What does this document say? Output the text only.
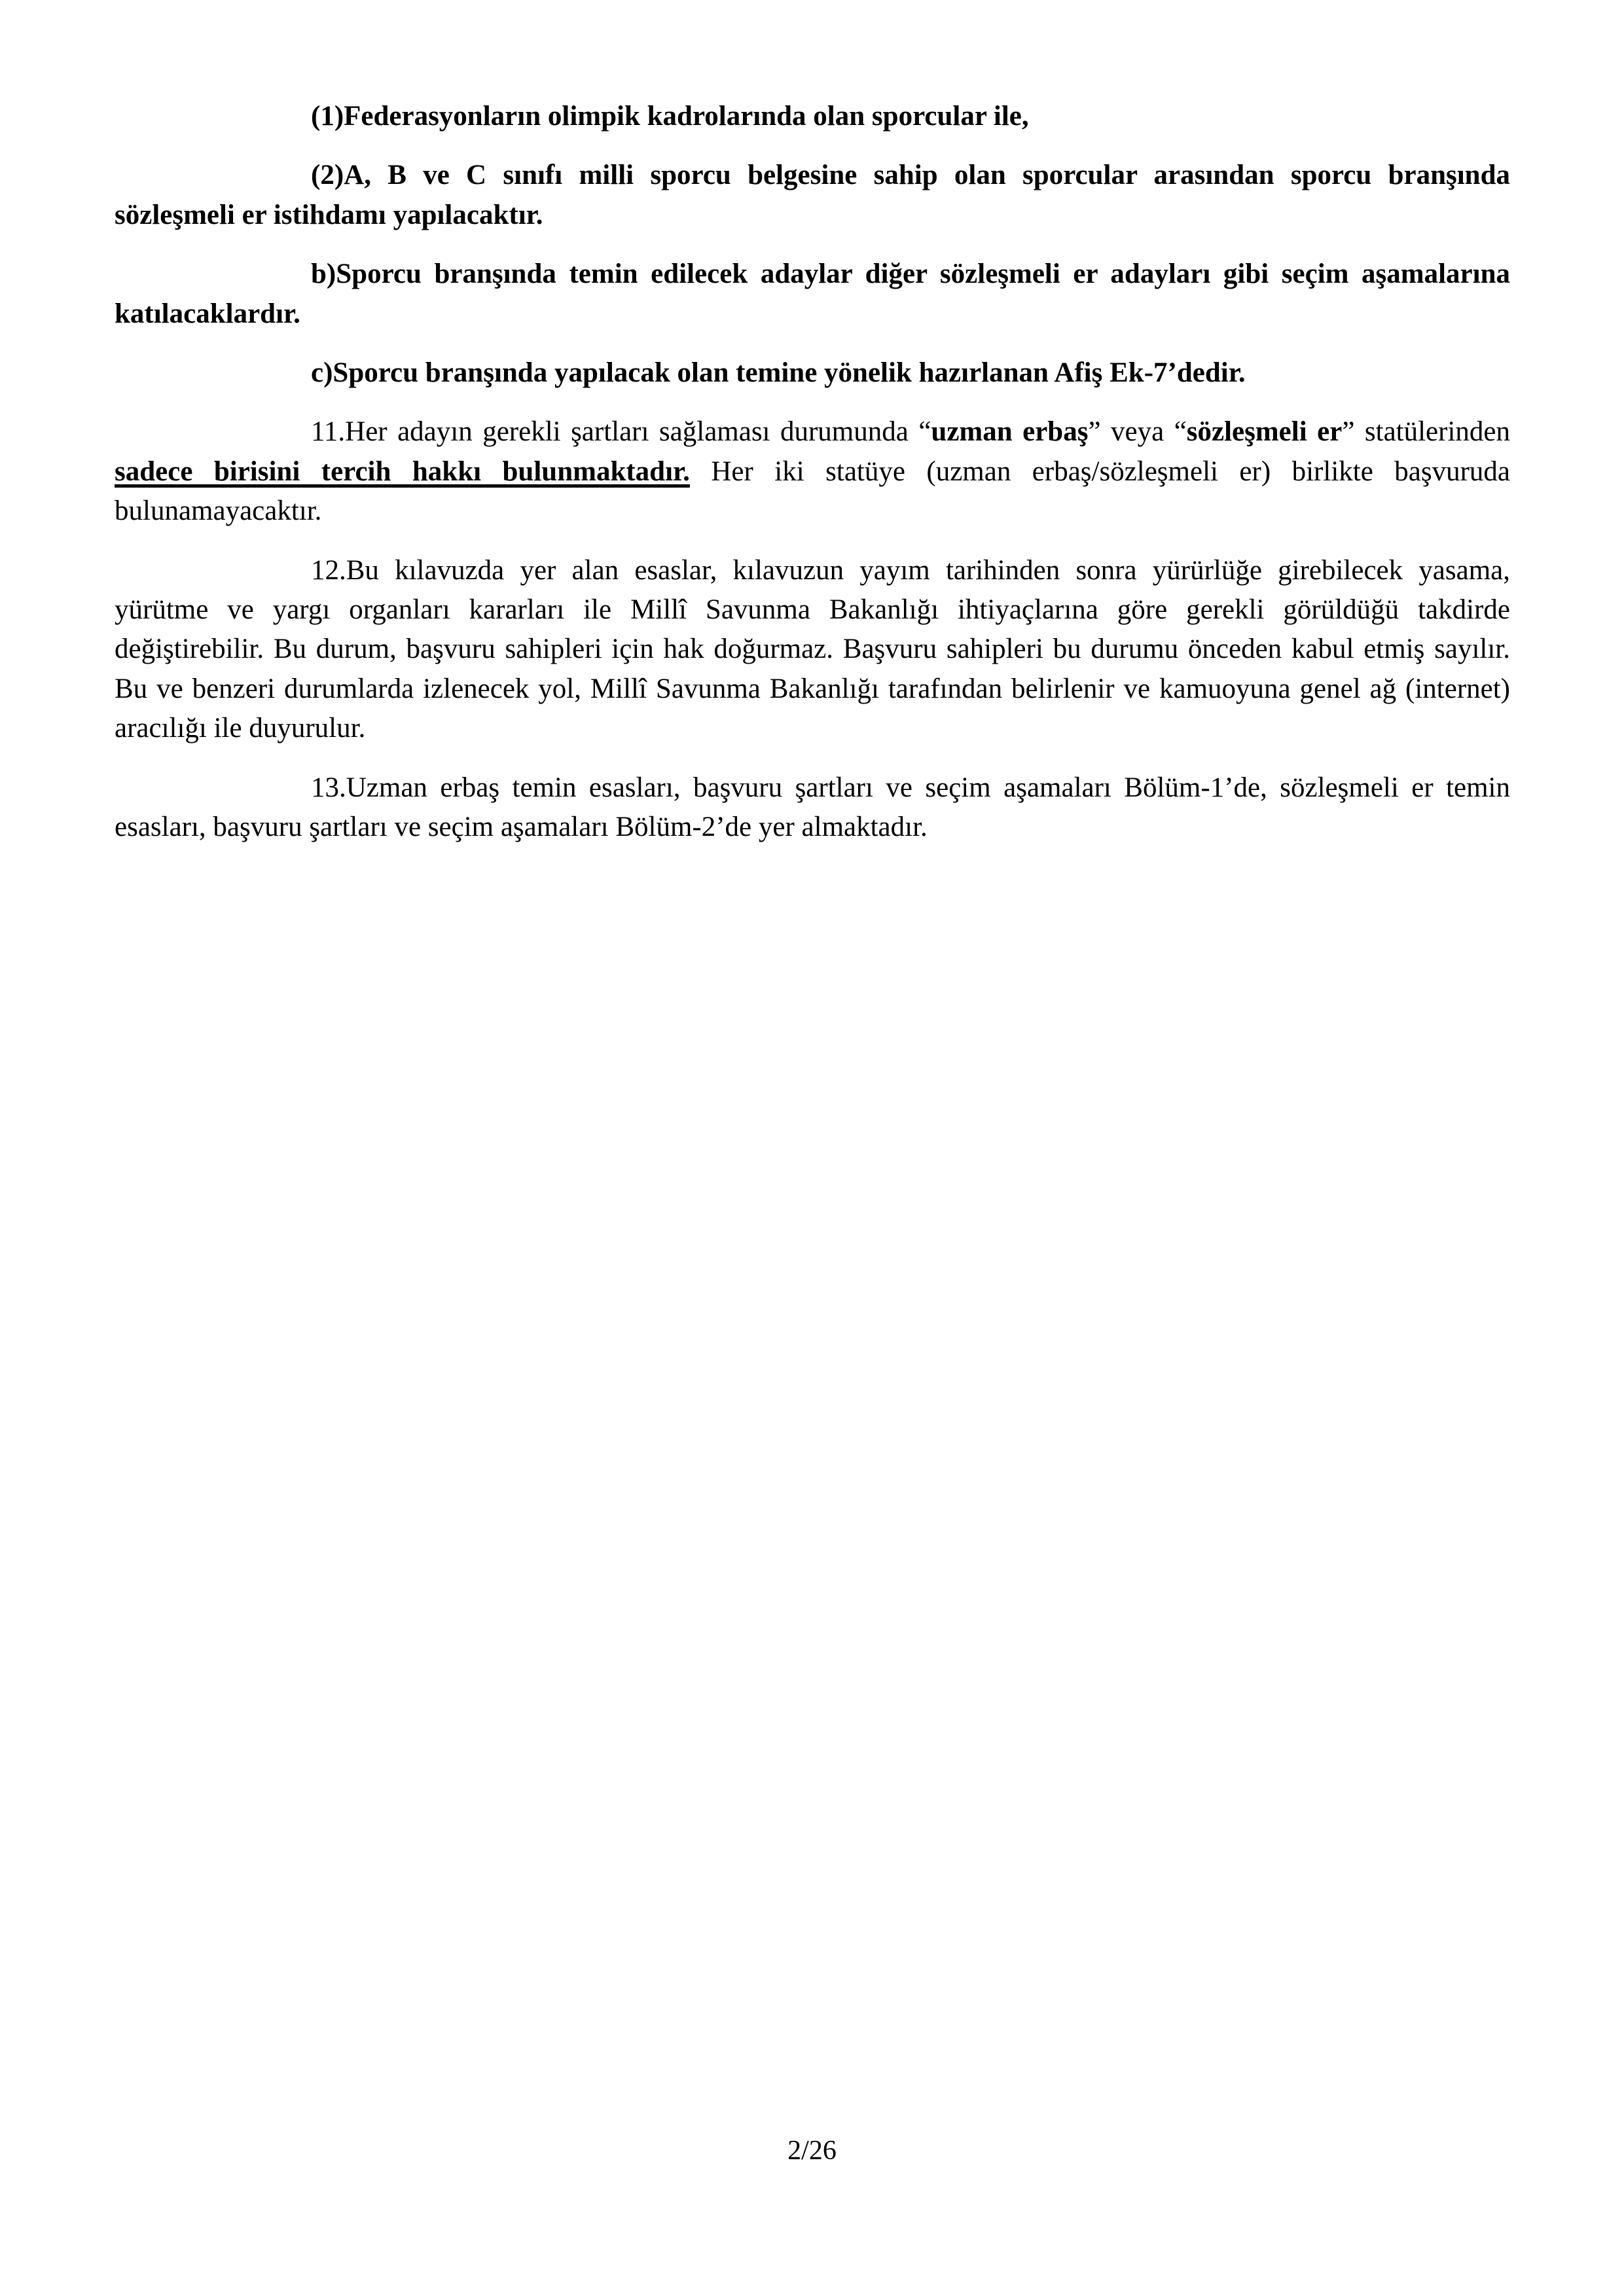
(1)Federasyonların olimpik kadrolarında olan sporcular ile,

(2)A, B ve C sınıfı milli sporcu belgesine sahip olan sporcular arasından sporcu branşında sözleşmeli er istihdamı yapılacaktır.

b)Sporcu branşında temin edilecek adaylar diğer sözleşmeli er adayları gibi seçim aşamalarına katılacaklardır.

c)Sporcu branşında yapılacak olan temine yönelik hazırlanan Afiş Ek-7’dedir.

11.Her adayın gerekli şartları sağlaması durumunda “uzman erbaş” veya “sözleşmeli er” statülerinden sadece birisini tercih hakkı bulunmaktadır. Her iki statüye (uzman erbaş/sözleşmeli er) birlikte başvuruda bulunamayacaktır.

12.Bu kılavuzda yer alan esaslar, kılavuzun yayım tarihinden sonra yürürlüğe girebilecek yasama, yürütme ve yargı organları kararları ile Millî Savunma Bakanlığı ihtiyaçlarına göre gerekli görüldüğü takdirde değiştirebilir. Bu durum, başvuru sahipleri için hak doğurmaz. Başvuru sahipleri bu durumu önceden kabul etmiş sayılır. Bu ve benzeri durumlarda izlenecek yol, Millî Savunma Bakanlığı tarafından belirlenir ve kamuoyuna genel ağ (internet) aracılığı ile duyurulur.

13.Uzman erbaş temin esasları, başvuru şartları ve seçim aşamaları Bölüm-1’de, sözleşmeli er temin esasları, başvuru şartları ve seçim aşamaları Bölüm-2’de yer almaktadır.

2/26
